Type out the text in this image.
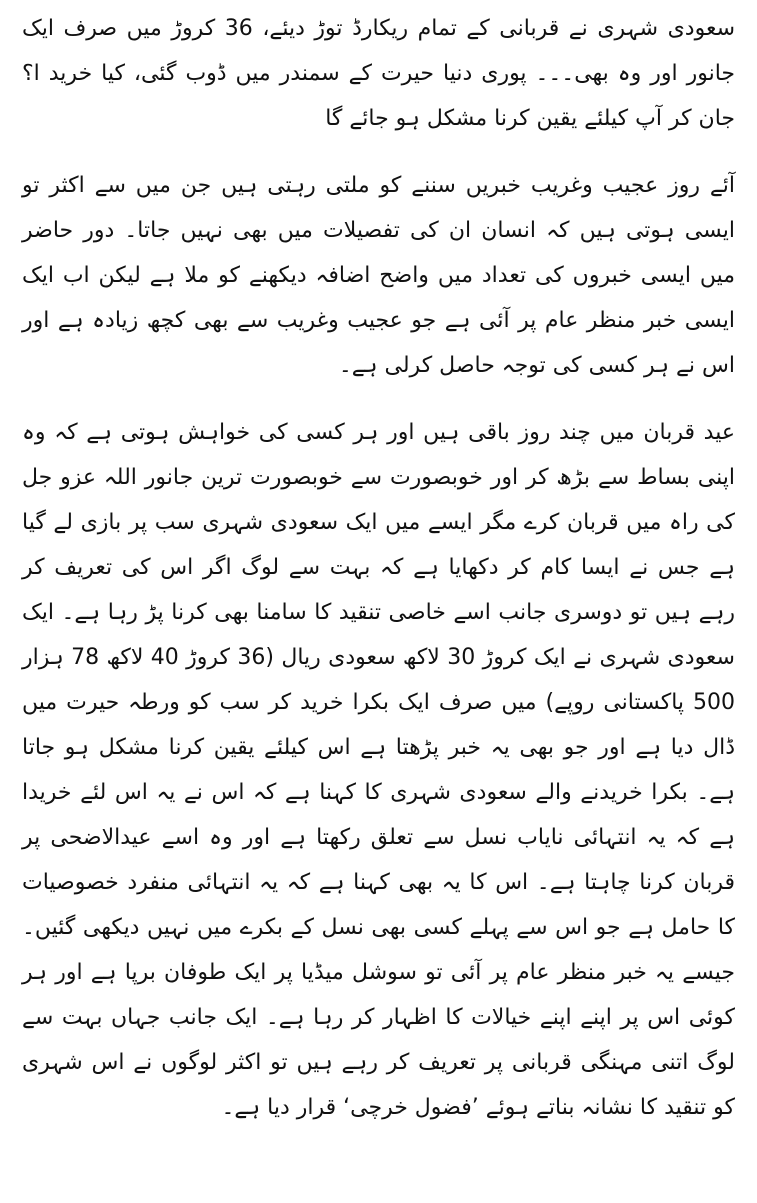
سعودی شہری نے قربانی کے تمام ریکارڈ توڑ دیئے، 36 کروڑ میں صرف ایک جانور اور وہ بھی۔۔۔ پوری دنیا حیرت کے سمندر میں ڈوب گئی، کیا خرید ا؟ جان کر آپ کیلئے یقین کرنا مشکل ہو جائے گا

آئے روز عجیب وغریب خبریں سننے کو ملتی رہتی ہیں جن میں سے اکثر تو ایسی ہوتی ہیں کہ انسان ان کی تفصیلات میں بھی نہیں جاتا۔ دور حاضر میں ایسی خبروں کی تعداد میں واضح اضافہ دیکھنے کو ملا ہے لیکن اب ایک ایسی خبر منظر عام پر آئی ہے جو عجیب وغریب سے بھی کچھ زیادہ ہے اور اس نے ہر کسی کی توجہ حاصل کرلی ہے۔

عید قربان میں چند روز باقی ہیں اور ہر کسی کی خواہش ہوتی ہے کہ وہ اپنی بساط سے بڑھ کر اور خوبصورت سے خوبصورت ترین جانور اللہ عزو جل کی راہ میں قربان کرے مگر ایسے میں ایک سعودی شہری سب پر بازی لے گیا ہے جس نے ایسا کام کر دکھایا ہے کہ بہت سے لوگ اگر اس کی تعریف کر رہے ہیں تو دوسری جانب اسے خاصی تنقید کا سامنا بھی کرنا پڑ رہا ہے۔ ایک سعودی شہری نے ایک کروڑ 30 لاکھ سعودی ریال (36 کروڑ 40 لاکھ 78 ہزار 500 پاکستانی روپے) میں صرف ایک بکرا خرید کر سب کو ورطہ حیرت میں ڈال دیا ہے اور جو بھی یہ خبر پڑھتا ہے اس کیلئے یقین کرنا مشکل ہو جاتا ہے۔ بکرا خریدنے والے سعودی شہری کا کہنا ہے کہ اس نے یہ اس لئے خریدا ہے کہ یہ انتہائی نایاب نسل سے تعلق رکھتا ہے اور وہ اسے عیدالاضحی پر قربان کرنا چاہتا ہے۔ اس کا یہ بھی کہنا ہے کہ یہ انتہائی منفرد خصوصیات کا حامل ہے جو اس سے پہلے کسی بھی نسل کے بکرے میں نہیں دیکھی گئیں۔ جیسے یہ خبر منظر عام پر آئی تو سوشل میڈیا پر ایک طوفان برپا ہے اور ہر کوئی اس پر اپنے اپنے خیالات کا اظہار کر رہا ہے۔ ایک جانب جہاں بہت سے لوگ اتنی مہنگی قربانی پر تعریف کر رہے ہیں تو اکثر لوگوں نے اس شہری کو تنقید کا نشانہ بناتے ہوئے ’فضول خرچی‘ قرار دیا ہے۔
